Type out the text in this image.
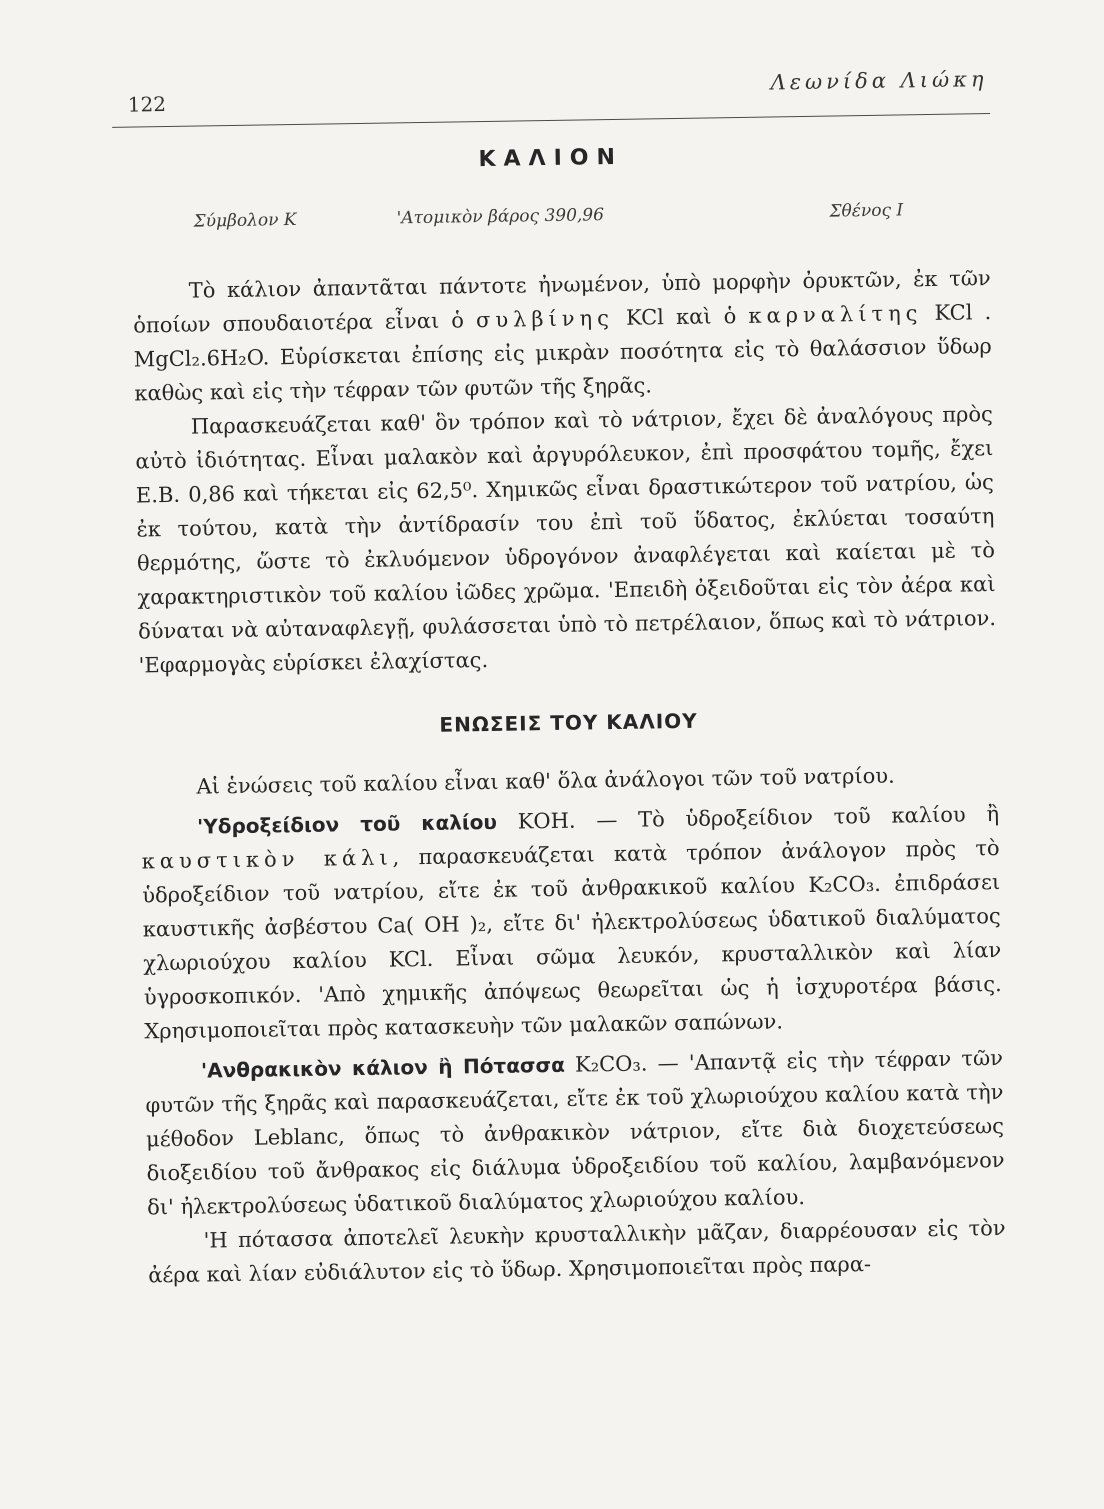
122
Λεωνίδα Λιώκη
ΚΑΛΙΟΝ
Σύμβολον Κ	'Ατομικὸν βάρος 390,96	Σθένος Ι

Τὸ κάλιον ἀπαντᾶται πάντοτε ἠνωμένον, ὑπὸ μορφὴν ὀρυκτῶν, ἐκ τῶν ὁποίων σπουδαιοτέρα εἶναι ὁ συλβίνης KCl καὶ ὁ καρναλίτης KCl . MgCl₂.6H₂O. Εὑρίσκεται ἐπίσης εἰς μικρὰν ποσότητα εἰς τὸ θαλάσσιον ὕδωρ καθὼς καὶ εἰς τὴν τέφραν τῶν φυτῶν τῆς ξηρᾶς.

Παρασκευάζεται καθ' ὃν τρόπον καὶ τὸ νάτριον, ἔχει δὲ ἀναλόγους πρὸς αὐτὸ ἰδιότητας. Εἶναι μαλακὸν καὶ ἀργυρόλευκον, ἐπὶ προσφάτου τομῆς, ἔχει Ε.Β. 0,86 καὶ τήκεται εἰς 62,5⁰. Χημικῶς εἶναι δραστικώτερον τοῦ νατρίου, ὡς ἐκ τούτου, κατὰ τὴν ἀντίδρασίν του ἐπὶ τοῦ ὕδατος, ἐκλύεται τοσαύτη θερμότης, ὥστε τὸ ἐκλυόμενον ὑδρογόνον ἀναφλέγεται καὶ καίεται μὲ τὸ χαρακτηριστικὸν τοῦ καλίου ἰῶδες χρῶμα. 'Επειδὴ ὀξειδοῦται εἰς τὸν ἀέρα καὶ δύναται νὰ αὐταναφλεγῇ, φυλάσσεται ὑπὸ τὸ πετρέλαιον, ὅπως καὶ τὸ νάτριον. 'Εφαρμογὰς εὑρίσκει ἐλαχίστας.

ΕΝΩΣΕΙΣ ΤΟΥ ΚΑΛΙΟΥ

Αἱ ἑνώσεις τοῦ καλίου εἶναι καθ' ὅλα ἀνάλογοι τῶν τοῦ νατρίου.

'Υδροξείδιον τοῦ καλίου ΚΟΗ. — Τὸ ὑδροξείδιον τοῦ καλίου ἢ καυστικὸν κάλι, παρασκευάζεται κατὰ τρόπον ἀνάλογον πρὸς τὸ ὑδροξείδιον τοῦ νατρίου, εἴτε ἐκ τοῦ ἀνθρακικοῦ καλίου K₂CO₃. ἐπιδράσει καυστικῆς ἀσβέστου Ca( OH )₂, εἴτε δι' ἠλεκτρολύσεως ὑδατικοῦ διαλύματος χλωριούχου καλίου KCl. Εἶναι σῶμα λευκόν, κρυσταλλικὸν καὶ λίαν ὑγροσκοπικόν. 'Απὸ χημικῆς ἀπόψεως θεωρεῖται ὡς ἡ ἰσχυροτέρα βάσις. Χρησιμοποιεῖται πρὸς κατασκευὴν τῶν μαλακῶν σαπώνων.

'Ανθρακικὸν κάλιον ἢ Πότασσα K₂CO₃. — 'Απαντᾷ εἰς τὴν τέφραν τῶν φυτῶν τῆς ξηρᾶς καὶ παρασκευάζεται, εἴτε ἐκ τοῦ χλωριούχου καλίου κατὰ τὴν μέθοδον Leblanc, ὅπως τὸ ἀνθρακικὸν νάτριον, εἴτε διὰ διοχετεύσεως διοξειδίου τοῦ ἄνθρακος εἰς διάλυμα ὑδροξειδίου τοῦ καλίου, λαμβανόμενον δι' ἠλεκτρολύσεως ὑδατικοῦ διαλύματος χλωριούχου καλίου.

'Η πότασσα ἀποτελεῖ λευκὴν κρυσταλλικὴν μᾶζαν, διαρρέουσαν εἰς τὸν ἀέρα καὶ λίαν εὐδιάλυτον εἰς τὸ ὕδωρ. Χρησιμοποιεῖται πρὸς παρα-
